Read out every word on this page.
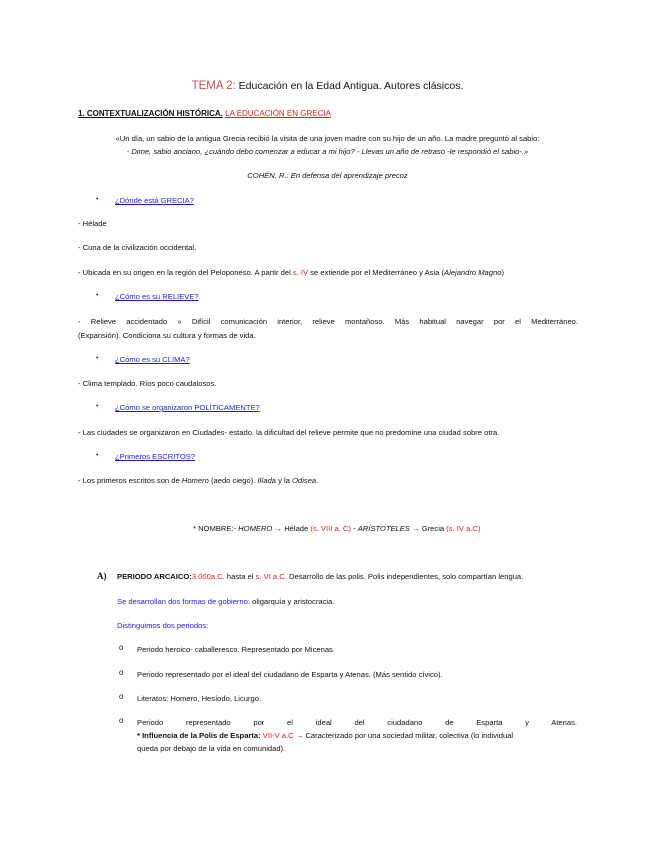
TEMA 2: Educación en la Edad Antigua. Autores clásicos.
1. CONTEXTUALIZACIÓN HISTÓRICA. LA EDUCACIÓN EN GRECIA
«Un día, un sabio de la antigua Grecia recibió la visita de una joven madre con su hijo de un año. La madre preguntó al sabio:
- Dime, sabio anciano, ¿cuándo debo comenzar a educar a mi hijo? - Llevas un año de retraso -le respondió el sabio-.»
COHÉN, R.: En defensa del aprendizaje precoz
• ¿Dónde está GRECIA?
- Hélade
- Cuna de la civilización occidental.
- Ubicada en su origen en la región del Peloponeso. A partir del s. IV se extiende por el Mediterráneo y Asia (Alejandro Magno)
• ¿Cómo es su RELIEVE?
- Relieve accidentado » Difícil comunicación interior, relieve montañoso. Más habitual navegar por el Mediterráneo.
(Expansión). Condiciona su cultura y formas de vida.
• ¿Cómo es su CLIMA?
- Clima templado. Ríos poco caudalosos.
• ¿Cómo se organizaron POLÍTICAMENTE?
- Las ciudades se organizaron en Ciudades- estado. la dificultad del relieve permite que no predomine una ciudad sobre otra.
• ¿Primeros ESCRITOS?
- Los primeros escritos son de Homero (aedo ciego). Ilíada y la Odisea.
* NOMBRE:- HOMERO → Hélade (s. VIII a. C) - ARÍSTOTELES → Grecia (s. IV a.C)
A) PERIODO ARCAICO:3.000a.C. hasta el s. VI a.C. Desarrollo de las polis. Polis independientes, solo compartían lengua.
Se desarrollan dos formas de gobierno: oligarquía y aristocracia.
Distinguimos dos periodos:
o Periodo heroico- caballeresco. Representado por Micenas.
o Periodo representado por el ideal del ciudadano de Esparta y Atenas. (Más sentido cívico).
o Literatos: Homero, Hesíodo, Licurgo.
o Periodo representado por el ideal del ciudadano de Esparta y Atenas.
* Influencia de la Polis de Esparta: VII-V a.C → Caracterizado por una sociedad militar, colectiva (lo individual
queda por debajo de la vida en comunidad).
